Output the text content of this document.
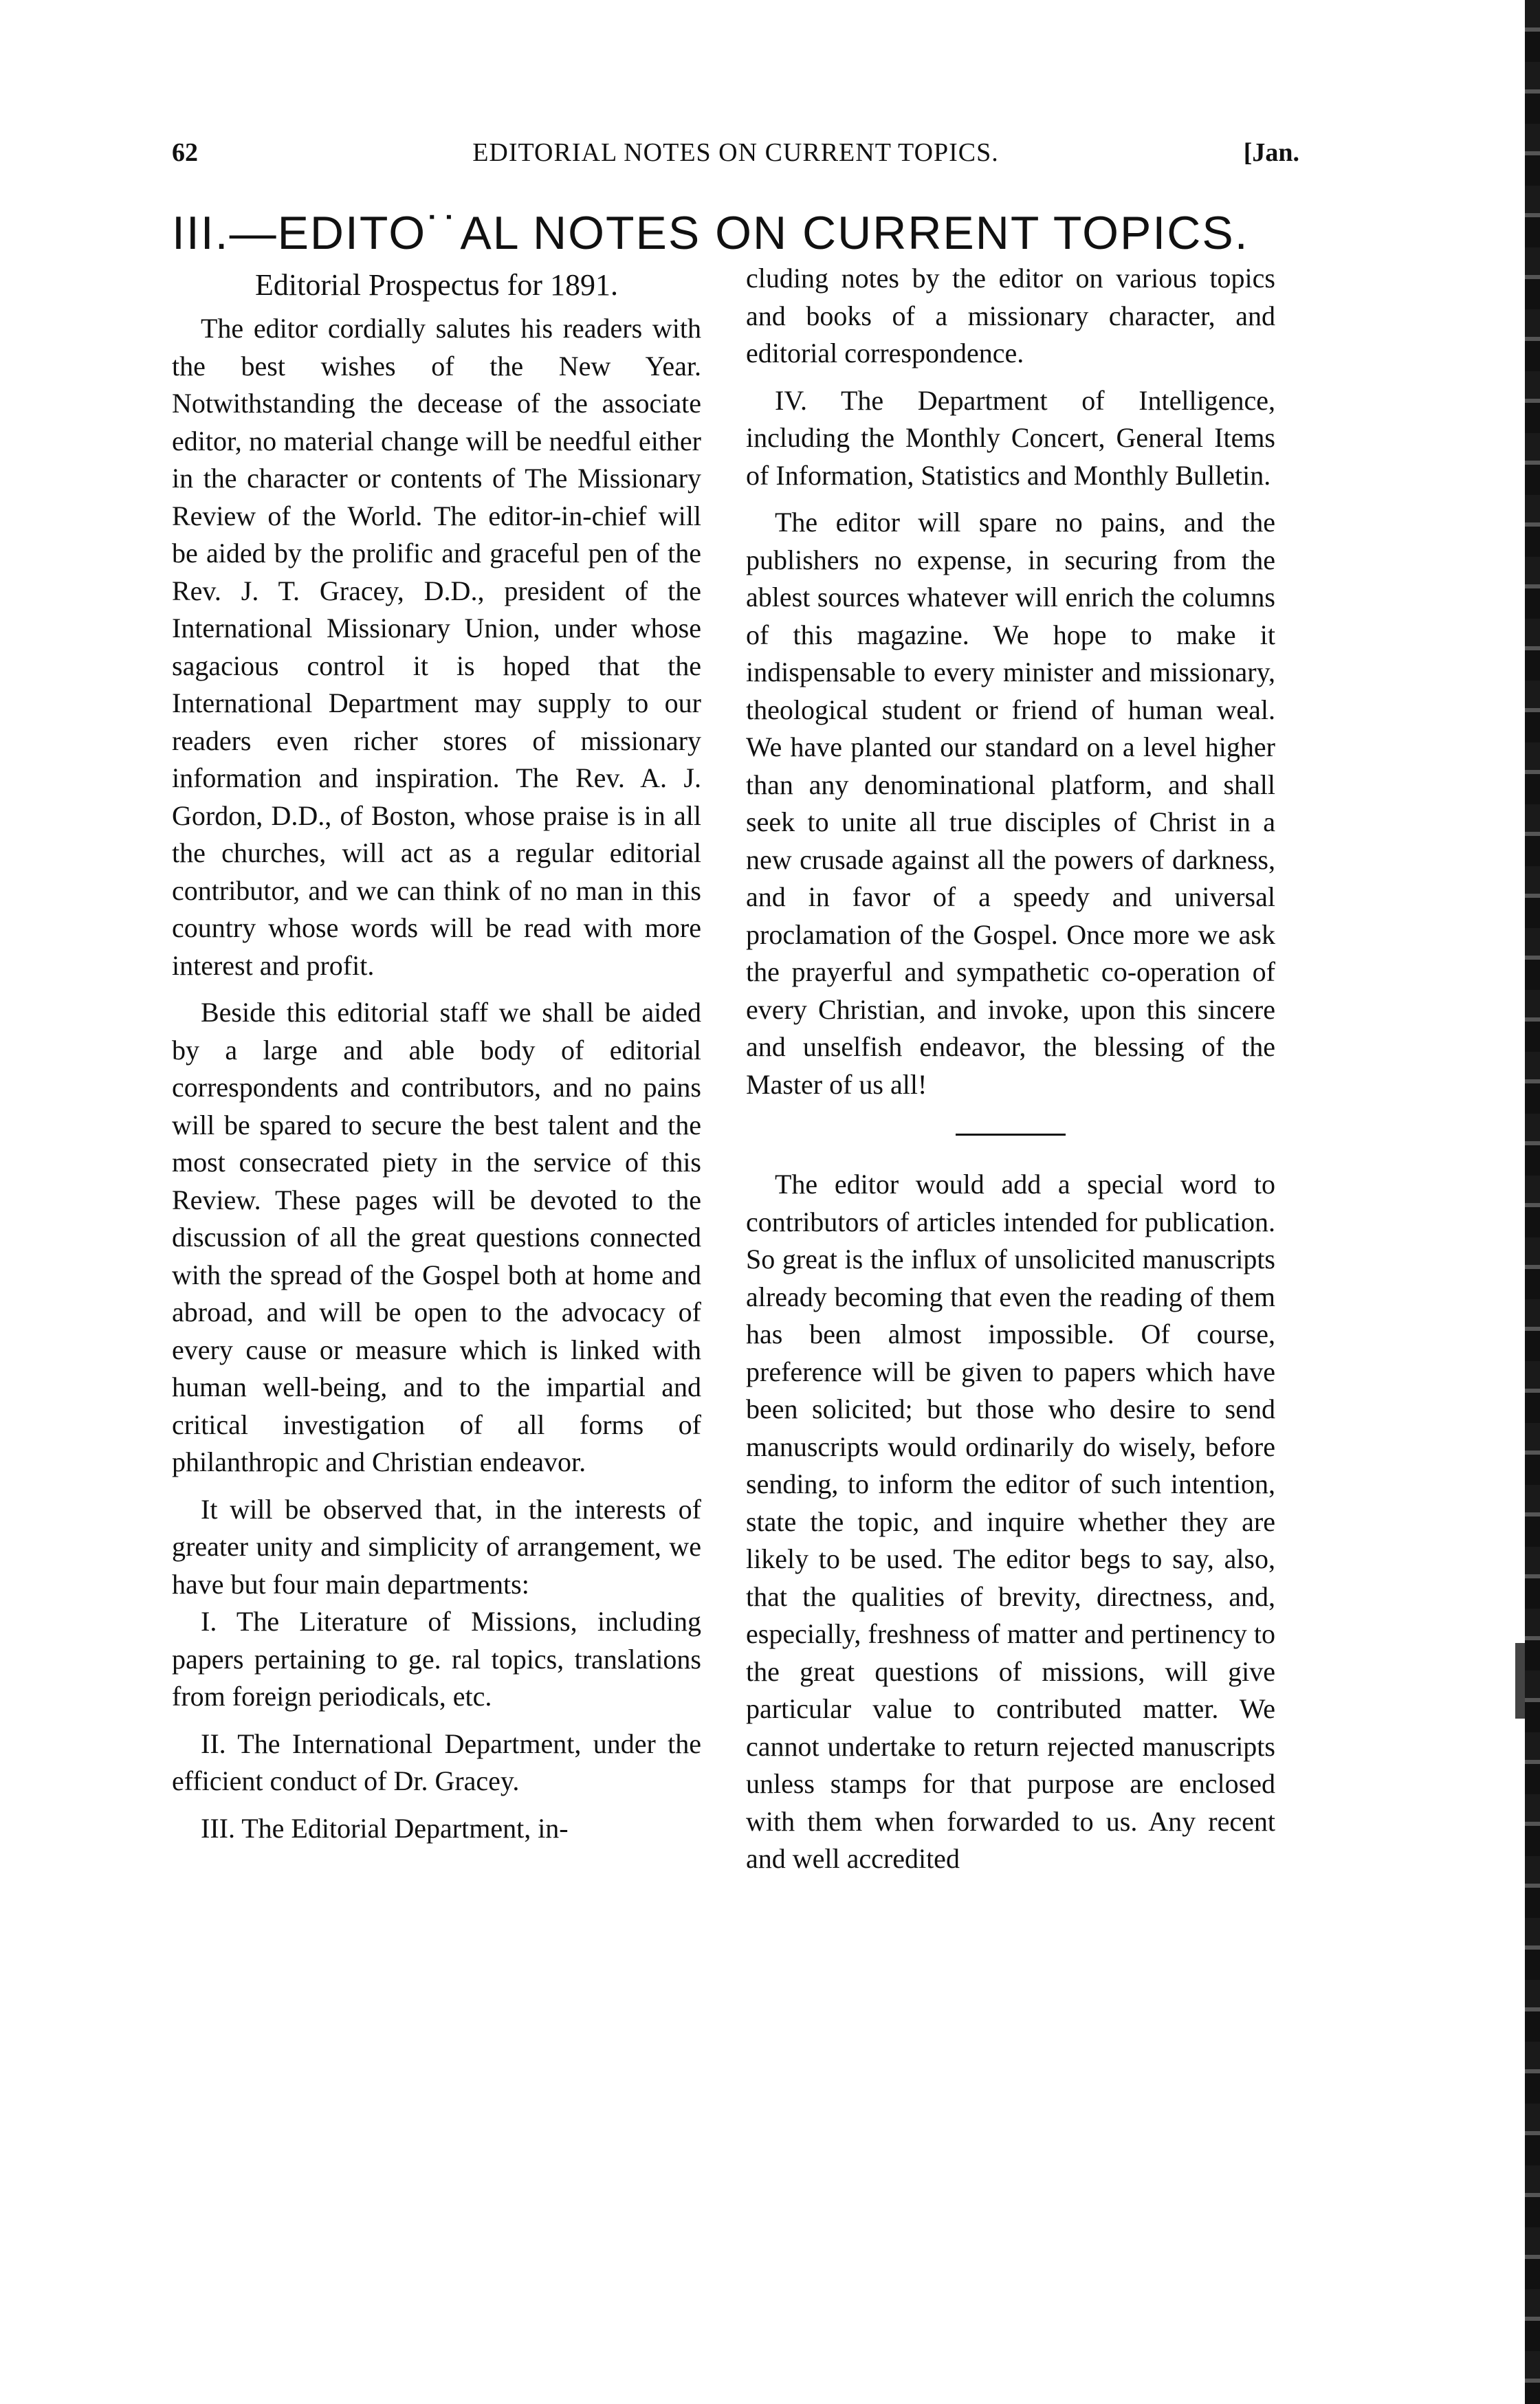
62	EDITORIAL NOTES ON CURRENT TOPICS.	[Jan.
III.—EDITO˙˙AL NOTES ON CURRENT TOPICS.
Editorial Prospectus for 1891.

The editor cordially salutes his readers with the best wishes of the New Year. Notwithstanding the decease of the associate editor, no material change will be needful either in the character or contents of The Missionary Review of the World. The editor-in-chief will be aided by the prolific and graceful pen of the Rev. J. T. Gracey, D.D., president of the International Missionary Union, under whose sagacious control it is hoped that the International Department may supply to our readers even richer stores of missionary information and inspiration. The Rev. A. J. Gordon, D.D., of Boston, whose praise is in all the churches, will act as a regular editorial contributor, and we can think of no man in this country whose words will be read with more interest and profit.

Beside this editorial staff we shall be aided by a large and able body of editorial correspondents and contributors, and no pains will be spared to secure the best talent and the most consecrated piety in the service of this Review. These pages will be devoted to the discussion of all the great questions connected with the spread of the Gospel both at home and abroad, and will be open to the advocacy of every cause or measure which is linked with human well-being, and to the impartial and critical investigation of all forms of philanthropic and Christian endeavor.

It will be observed that, in the interests of greater unity and simplicity of arrangement, we have but four main departments:

I. The Literature of Missions, including papers pertaining to ge. ral topics, translations from foreign periodicals, etc.

II. The International Department, under the efficient conduct of Dr. Gracey.

III. The Editorial Department, in-

cluding notes by the editor on various topics and books of a missionary character, and editorial correspondence.

IV. The Department of Intelligence, including the Monthly Concert, General Items of Information, Statistics and Monthly Bulletin.

The editor will spare no pains, and the publishers no expense, in securing from the ablest sources whatever will enrich the columns of this magazine. We hope to make it indispensable to every minister and missionary, theological student or friend of human weal. We have planted our standard on a level higher than any denominational platform, and shall seek to unite all true disciples of Christ in a new crusade against all the powers of darkness, and in favor of a speedy and universal proclamation of the Gospel. Once more we ask the prayerful and sympathetic co-operation of every Christian, and invoke, upon this sincere and unselfish endeavor, the blessing of the Master of us all!

The editor would add a special word to contributors of articles intended for publication. So great is the influx of unsolicited manuscripts already becoming that even the reading of them has been almost impossible. Of course, preference will be given to papers which have been solicited; but those who desire to send manuscripts would ordinarily do wisely, before sending, to inform the editor of such intention, state the topic, and inquire whether they are likely to be used. The editor begs to say, also, that the qualities of brevity, directness, and, especially, freshness of matter and pertinency to the great questions of missions, will give particular value to contributed matter. We cannot undertake to return rejected manuscripts unless stamps for that purpose are enclosed with them when forwarded to us. Any recent and well accredited
